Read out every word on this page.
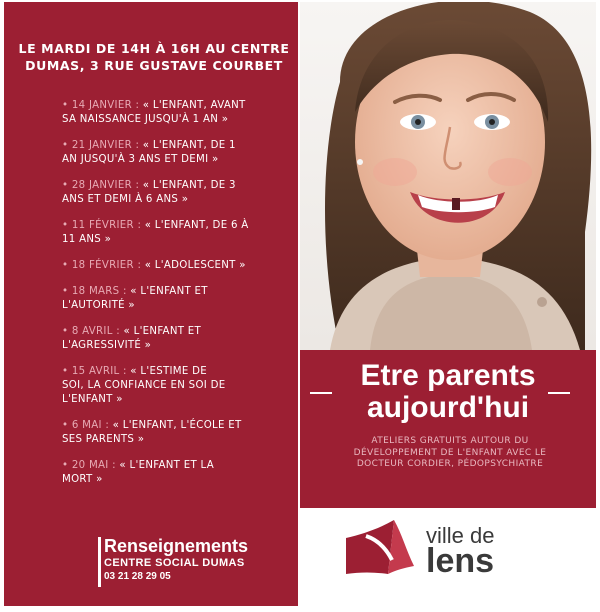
LE MARDI DE 14H À 16H AU CENTRE
DUMAS, 3 RUE GUSTAVE COURBET
• 14 JANVIER : « L'ENFANT, AVANT
SA NAISSANCE JUSQU'À 1 AN »
• 21 JANVIER : « L'ENFANT, DE 1
AN JUSQU'À 3 ANS ET DEMI »
• 28 JANVIER : « L'ENFANT, DE 3
ANS ET DEMI À 6 ANS »
• 11 FÉVRIER : « L'ENFANT, DE 6 À
11 ANS »
• 18 FÉVRIER : « L'ADOLESCENT »
• 18 MARS : « L'ENFANT ET
L'AUTORITÉ »
• 8 AVRIL : « L'ENFANT ET
L'AGRESSIVITÉ »
• 15 AVRIL : « L'ESTIME DE
SOI, LA CONFIANCE EN SOI DE
L'ENFANT »
• 6 MAI : « L'ENFANT, L'ÉCOLE ET
SES PARENTS »
• 20 MAI : « L'ENFANT ET LA
MORT »
Renseignements
CENTRE SOCIAL DUMAS
03 21 28 29 05
Etre parents
aujourd'hui
ATELIERS GRATUITS AUTOUR DU
DÉVELOPPEMENT DE L'ENFANT AVEC LE
DOCTEUR CORDIER, PÉDOPSYCHIATRE
ville de
lens
